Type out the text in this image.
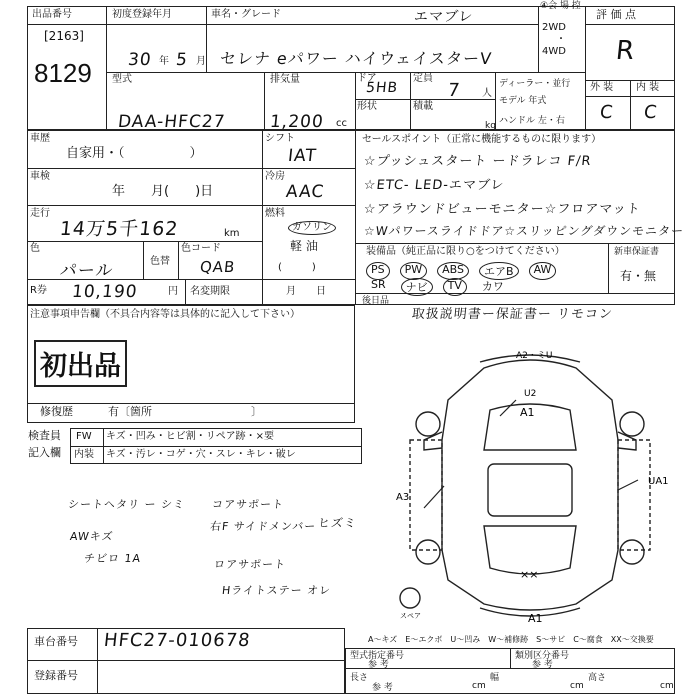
④会 場 控
出品番号
[2163]
8129
初度登録年月
30 年 5 月
車名・グレード	エマブレ
セレナ eパワー ハイウェイスターV
2WD
・
4WD
評 価 点
R
外 装 内 装
C C
型式
DAA-HFC27
排気量
1,200 cc
ドア
5HB
形状
定員
7 人
積載
kg
ディーラー・並行
モデル 年式
ハンドル 左・右
車歴
自家用・（　　　　　）
車検
年　　月(　　)日
走行
14万5千162	km
色
パール	色替
色コード
QAB
シフト
IAT
冷房
AAC
燃料
ガソリン
軽 油
(　　　)
R券 10,190	円 名変期限	月　　日
セールスポイント（正常に機能するものに限ります）
☆プッシュスタート ードラレコ F/R
☆ETC- LED-エマブレ
☆アラウンドビューモニター☆フロアマット
☆Wパワースライドドア☆スリッピングダウンモニター
装備品（純正品に限り○をつけてください）	新車保証書
有・無
PS	PW	ABS	エアB	AW
SR	ナビ	TV	カワ
後日品
取扱説明書ー保証書ー リモコン
注意事項申告欄（不具合内容等は具体的に記入して下さい）
初出品
修復歴	有〔箇所　　　　　　　　　〕
検査員
記入欄
FW キズ・凹み・ヒビ割・リペア跡・×要
内装 キズ・汚レ・コゲ・穴・スレ・キレ・破レ
シートヘタリ ー シミ
AWキズ
チビロ 1A
コアサポート
右F サイドメンバー ヒズミ
ロアサポート
Hライトステー オレ
A2・ミU
U2
A1
UA1
A3
××
A1
スペア
車台番号 HFC27-010678
登録番号
A～キズ　E～エクボ　U～凹み　W～補修跡　S～サビ　C～腐食　XX～交換要
型式指定番号
参 考
類別区分番号
参 考
長さ
参 考	cm
幅
cm
高さ
cm
